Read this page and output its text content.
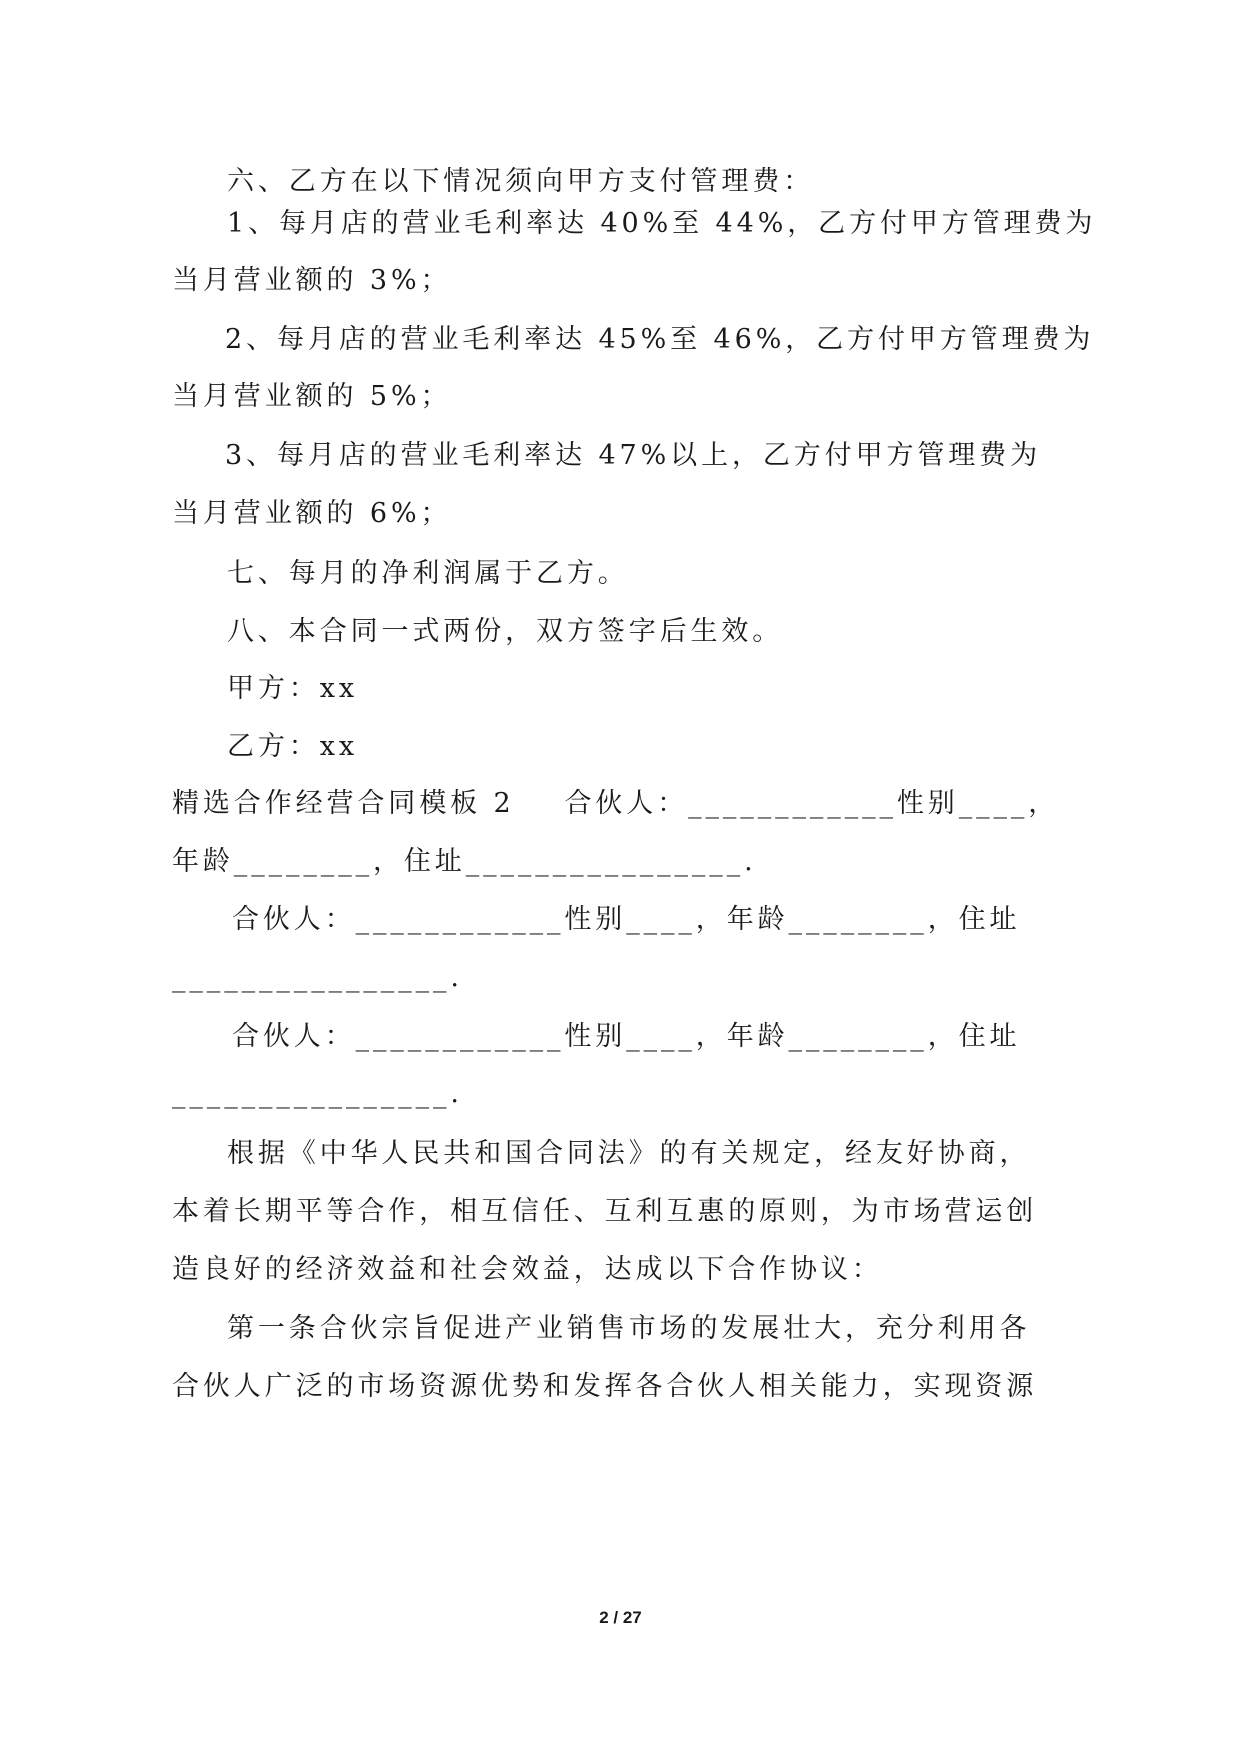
六、乙方在以下情况须向甲方支付管理费：
1、每月店的营业毛利率达 40%至 44%，乙方付甲方管理费为
当月营业额的 3%；
2、每月店的营业毛利率达 45%至 46%，乙方付甲方管理费为
当月营业额的 5%；
3、每月店的营业毛利率达 47%以上，乙方付甲方管理费为
当月营业额的 6%；
七、每月的净利润属于乙方。
八、本合同一式两份，双方签字后生效。
甲方：xx
乙方：xx
精选合作经营合同模板 2    合伙人：____________性别____，
年龄________，住址________________.
合伙人：____________性别____，年龄________，住址
________________.
合伙人：____________性别____，年龄________，住址
________________.
根据《中华人民共和国合同法》的有关规定，经友好协商，
本着长期平等合作，相互信任、互利互惠的原则，为市场营运创
造良好的经济效益和社会效益，达成以下合作协议：
第一条合伙宗旨促进产业销售市场的发展壮大，充分利用各
合伙人广泛的市场资源优势和发挥各合伙人相关能力，实现资源
2 / 27
